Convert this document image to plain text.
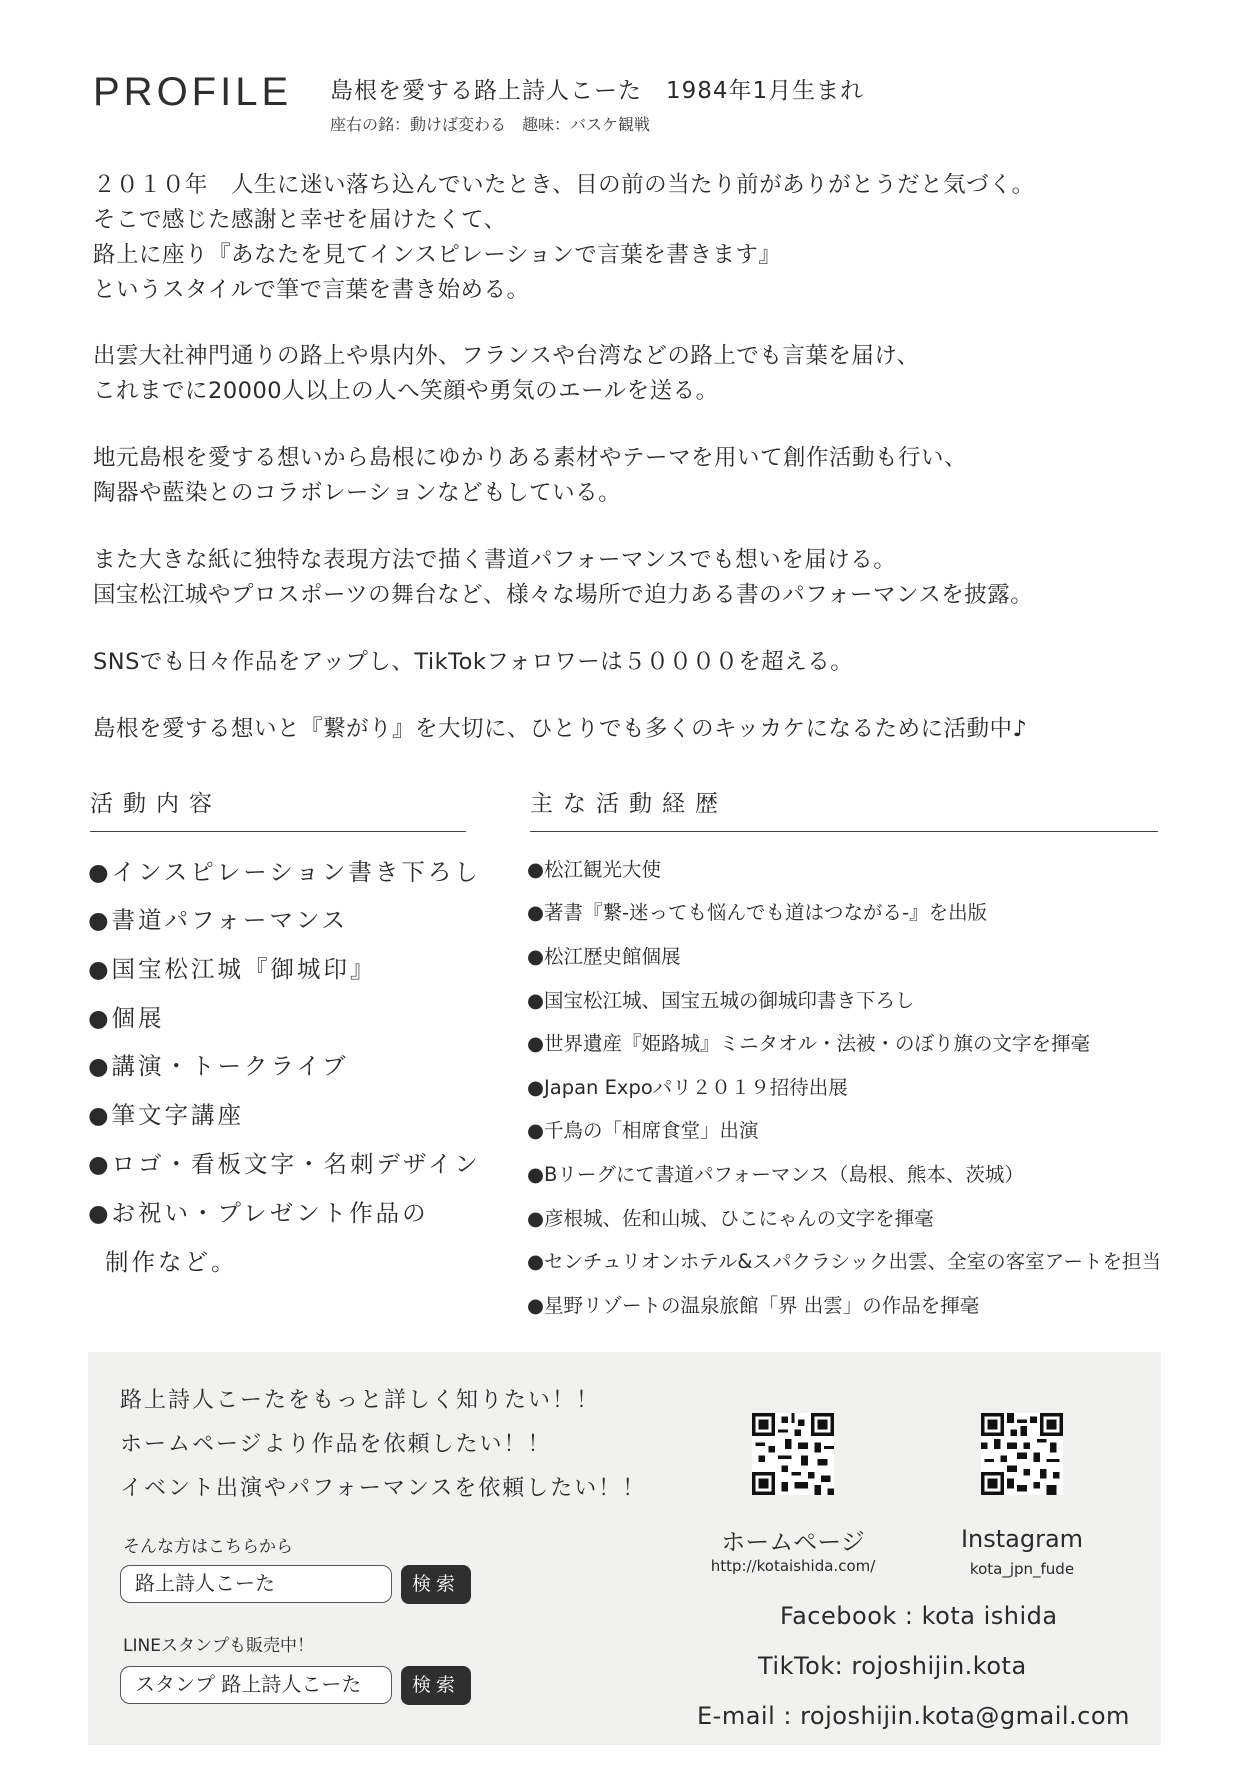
PROFILE 島根を愛する路上詩人こーた　1984年1月生まれ
座右の銘：動けば変わる　趣味：バスケ観戦
２０１０年　人生に迷い落ち込んでいたとき、目の前の当たり前がありがとうだと気づく。
そこで感じた感謝と幸せを届けたくて、
路上に座り『あなたを見てインスピレーションで言葉を書きます』
というスタイルで筆で言葉を書き始める。
出雲大社神門通りの路上や県内外、フランスや台湾などの路上でも言葉を届け、
これまでに20000人以上の人へ笑顔や勇気のエールを送る。
地元島根を愛する想いから島根にゆかりある素材やテーマを用いて創作活動も行い、
陶器や藍染とのコラボレーションなどもしている。
また大きな紙に独特な表現方法で描く書道パフォーマンスでも想いを届ける。
国宝松江城やプロスポーツの舞台など、様々な場所で迫力ある書のパフォーマンスを披露。
SNSでも日々作品をアップし、TikTokフォロワーは５００００を超える。
島根を愛する想いと『繋がり』を大切に、ひとりでも多くのキッカケになるために活動中♪
活動内容
●インスピレーション書き下ろし
●書道パフォーマンス
●国宝松江城『御城印』
●個展
●講演・トークライブ
●筆文字講座
●ロゴ・看板文字・名刺デザイン
●お祝い・プレゼント作品の
制作など。
主な活動経歴
●松江観光大使
●著書『繋-迷っても悩んでも道はつながる-』を出版
●松江歴史館個展
●国宝松江城、国宝五城の御城印書き下ろし
●世界遺産『姫路城』ミニタオル・法被・のぼり旗の文字を揮毫
●Japan Expoパリ２０１９招待出展
●千鳥の「相席食堂」出演
●Bリーグにて書道パフォーマンス（島根、熊本、茨城）
●彦根城、佐和山城、ひこにゃんの文字を揮毫
●センチュリオンホテル&スパクラシック出雲、全室の客室アートを担当
●星野リゾートの温泉旅館「界 出雲」の作品を揮毫
路上詩人こーたをもっと詳しく知りたい！！
ホームページより作品を依頼したい！！
イベント出演やパフォーマンスを依頼したい！！
そんな方はこちらから
路上詩人こーた	検索
LINEスタンプも販売中！
スタンプ 路上詩人こーた	検索
ホームページ
http://kotaishida.com/
Instagram
kota_jpn_fude
Facebook : kota ishida
TikTok: rojoshijin.kota
E-mail : rojoshijin.kota@gmail.com
